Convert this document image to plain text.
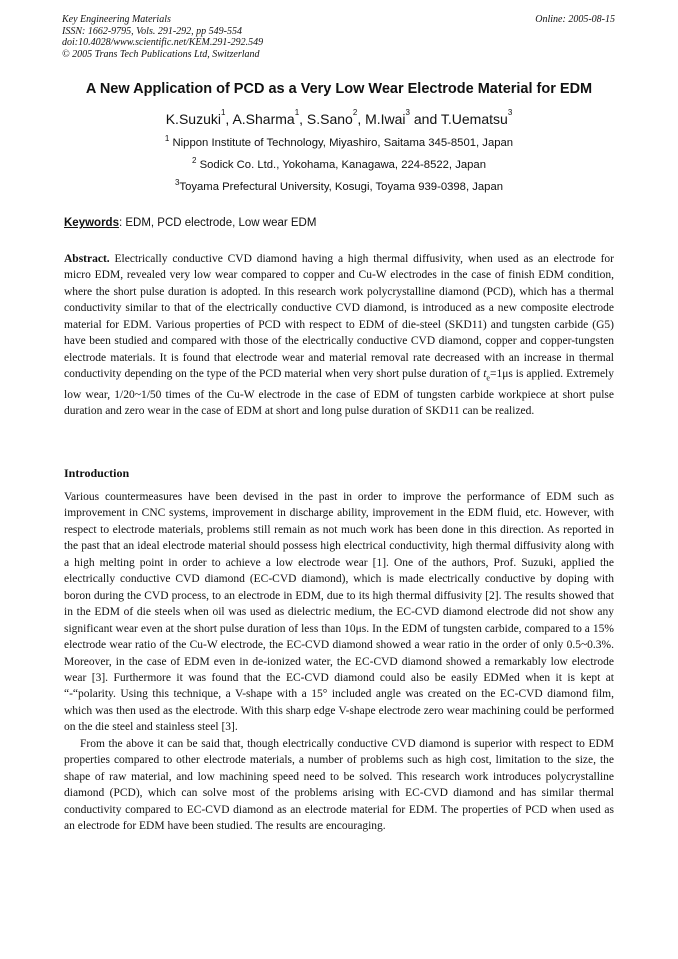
Key Engineering Materials
ISSN: 1662-9795, Vols. 291-292, pp 549-554
doi:10.4028/www.scientific.net/KEM.291-292.549
© 2005 Trans Tech Publications Ltd, Switzerland
Online: 2005-08-15
A New Application of PCD as a Very Low Wear Electrode Material for EDM
K.Suzuki$^1$, A.Sharma$^1$, S.Sano$^2$, M.Iwai$^3$ and T.Uematsu$^3$
$^1$ Nippon Institute of Technology, Miyashiro, Saitama 345-8501, Japan
$^2$ Sodick Co. Ltd., Yokohama, Kanagawa, 224-8522, Japan
$^3$Toyama Prefectural University, Kosugi, Toyama 939-0398, Japan
Keywords: EDM, PCD electrode, Low wear EDM

Abstract. Electrically conductive CVD diamond having a high thermal diffusivity, when used as an electrode for micro EDM, revealed very low wear compared to copper and Cu-W electrodes in the case of finish EDM condition, where the short pulse duration is adopted. In this research work polycrystalline diamond (PCD), which has a thermal conductivity similar to that of the electrically conductive CVD diamond, is introduced as a new composite electrode material for EDM. Various properties of PCD with respect to EDM of die-steel (SKD11) and tungsten carbide (G5) have been studied and compared with those of the electrically conductive CVD diamond, copper and copper-tungsten electrode materials. It is found that electrode wear and material removal rate decreased with an increase in thermal conductivity depending on the type of the PCD material when very short pulse duration of $t_e=1\mu s$ is applied. Extremely low wear, 1/20~1/50 times of the Cu-W electrode in the case of EDM of tungsten carbide workpiece at short pulse duration and zero wear in the case of EDM at short and long pulse duration of SKD11 can be realized.

Introduction

Various countermeasures have been devised in the past in order to improve the performance of EDM such as improvement in CNC systems, improvement in discharge ability, improvement in the EDM fluid, etc. However, with respect to electrode materials, problems still remain as not much work has been done in this direction. As reported in the past that an ideal electrode material should possess high electrical conductivity, high thermal diffusivity along with a high melting point in order to achieve a low electrode wear [1]. One of the authors, Prof. Suzuki, applied the electrically conductive CVD diamond (EC-CVD diamond), which is made electrically conductive by doping with boron during the CVD process, to an electrode in EDM, due to its high thermal diffusivity [2]. The results showed that in the EDM of die steels when oil was used as dielectric medium, the EC-CVD diamond electrode did not show any significant wear even at the short pulse duration of less than 10μs. In the EDM of tungsten carbide, compared to a 15% electrode wear ratio of the Cu-W electrode, the EC-CVD diamond showed a wear ratio in the order of only 0.5~0.3%. Moreover, in the case of EDM even in de-ionized water, the EC-CVD diamond showed a remarkably low electrode wear [3]. Furthermore it was found that the EC-CVD diamond could also be easily EDMed when it is kept at “-“polarity. Using this technique, a V-shape with a 15° included angle was created on the EC-CVD diamond film, which was then used as the electrode. With this sharp edge V-shape electrode zero wear machining could be performed on the die steel and stainless steel [3].

From the above it can be said that, though electrically conductive CVD diamond is superior with respect to EDM properties compared to other electrode materials, a number of problems such as high cost, limitation to the size, the shape of raw material, and low machining speed need to be solved. This research work introduces polycrystalline diamond (PCD), which can solve most of the problems arising with EC-CVD diamond and has similar thermal conductivity compared to EC-CVD diamond as an electrode material for EDM. The properties of PCD when used as an electrode for EDM have been studied. The results are encouraging.
